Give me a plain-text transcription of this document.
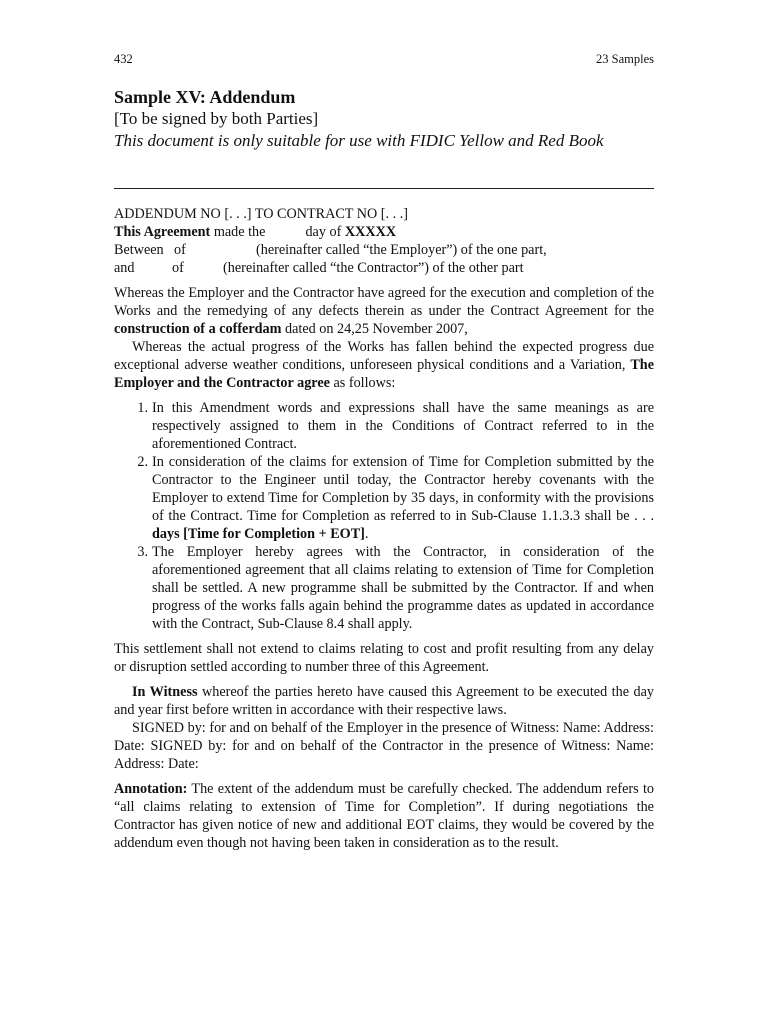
432	23 Samples

Sample XV: Addendum

[To be signed by both Parties]

This document is only suitable for use with FIDIC Yellow and Red Book

ADDENDUM NO [. . .] TO CONTRACT NO [. . .]

This Agreement made the	day of XXXXX

Between of	(hereinafter called “the Employer”) of the one part,
and	of	(hereinafter called “the Contractor”) of the other part

Whereas the Employer and the Contractor have agreed for the execution and completion of the Works and the remedying of any defects therein as under the Contract Agreement for the construction of a cofferdam dated on 24,25 November 2007,

Whereas the actual progress of the Works has fallen behind the expected progress due exceptional adverse weather conditions, unforeseen physical conditions and a Variation, The Employer and the Contractor agree as follows:

1. In this Amendment words and expressions shall have the same meanings as are respectively assigned to them in the Conditions of Contract referred to in the aforementioned Contract.
2. In consideration of the claims for extension of Time for Completion submitted by the Contractor to the Engineer until today, the Contractor hereby covenants with the Employer to extend Time for Completion by 35 days, in conformity with the provisions of the Contract. Time for Completion as referred to in Sub-Clause 1.1.3.3 shall be . . . days [Time for Completion + EOT].
3. The Employer hereby agrees with the Contractor, in consideration of the aforementioned agreement that all claims relating to extension of Time for Completion shall be settled. A new programme shall be submitted by the Contractor. If and when progress of the works falls again behind the programme dates as updated in accordance with the Contract, Sub-Clause 8.4 shall apply.

This settlement shall not extend to claims relating to cost and profit resulting from any delay or disruption settled according to number three of this Agreement.

In Witness whereof the parties hereto have caused this Agreement to be executed the day and year first before written in accordance with their respective laws.

SIGNED by: for and on behalf of the Employer in the presence of Witness: Name: Address: Date: SIGNED by: for and on behalf of the Contractor in the presence of Witness: Name: Address: Date:

Annotation: The extent of the addendum must be carefully checked. The addendum refers to “all claims relating to extension of Time for Completion”. If during negotiations the Contractor has given notice of new and additional EOT claims, they would be covered by the addendum even though not having been taken in consideration as to the result.
